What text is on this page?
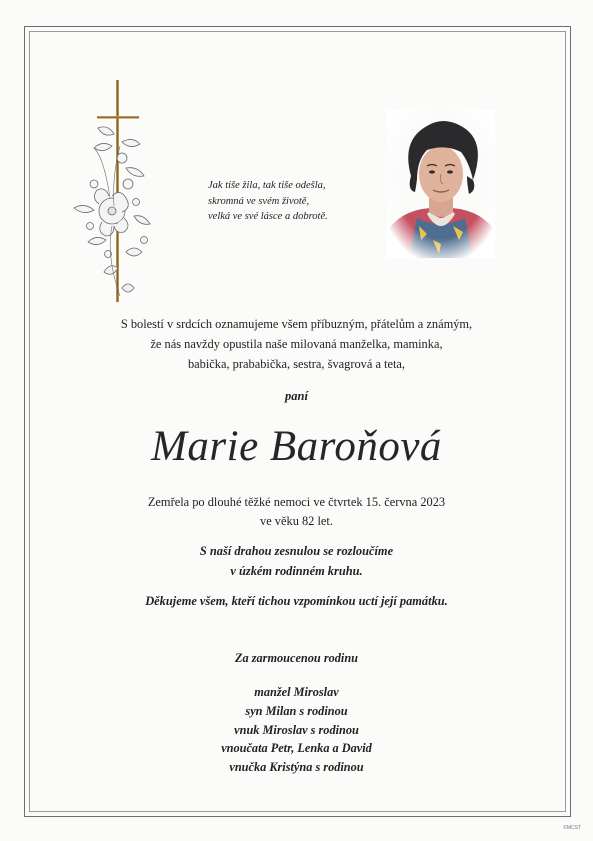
Jak tiše žila, tak tiše odešla,
skromná ve svém životě,
velká ve své lásce a dobrotě.
S bolestí v srdcích oznamujeme všem příbuzným, přátelům a známým,
že nás navždy opustila naše milovaná manželka, maminka,
babička, prababička, sestra, švagrová a teta,
paní
Marie Baroňová
Zemřela po dlouhé těžké nemoci ve čtvrtek 15. června 2023
ve věku 82 let.
S naší drahou zesnulou se rozloučíme
v úzkém rodinném kruhu.
Děkujeme všem, kteří tichou vzpomínkou uctí její památku.
Za zarmoucenou rodinu
manžel Miroslav
syn Milan s rodinou
vnuk Miroslav s rodinou
vnoučata Petr, Lenka a David
vnučka Kristýna s rodinou
©MCST
